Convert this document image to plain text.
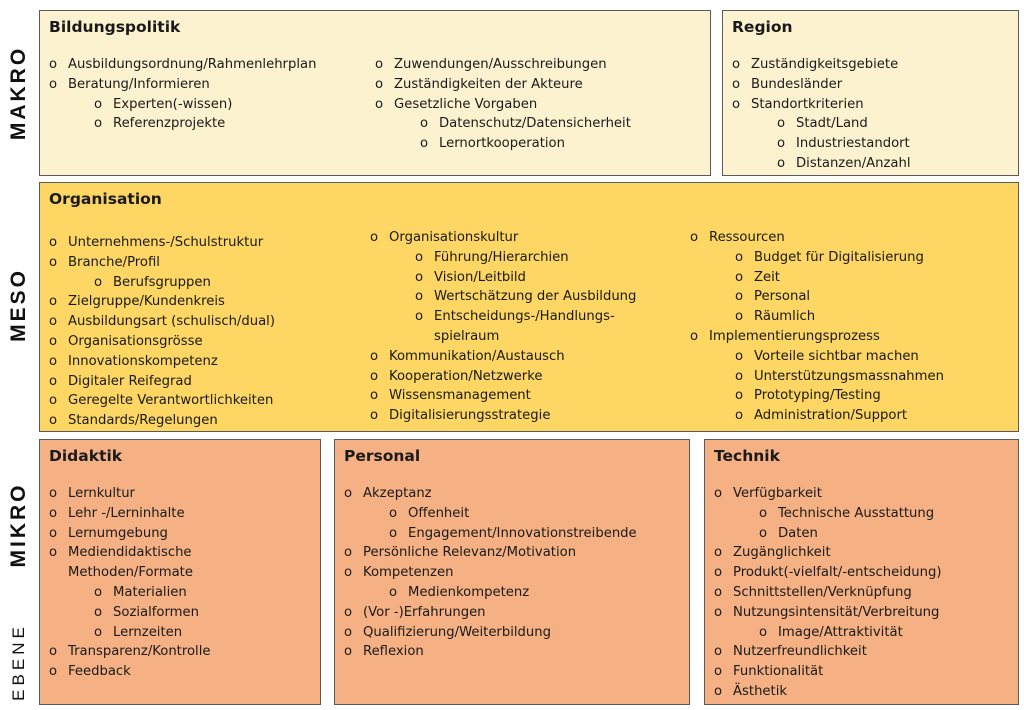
MAKRO
MESO
MIKRO
EBENE
Bildungspolitik
o Ausbildungsordnung/Rahmenlehrplan
o Beratung/Informieren
o Experten(-wissen)
o Referenzprojekte
o Zuwendungen/Ausschreibungen
o Zuständigkeiten der Akteure
o Gesetzliche Vorgaben
o Datenschutz/Datensicherheit
o Lernortkooperation
Region
o Zuständigkeitsgebiete
o Bundesländer
o Standortkriterien
o Stadt/Land
o Industriestandort
o Distanzen/Anzahl
Organisation
o Unternehmens-/Schulstruktur
o Branche/Profil
o Berufsgruppen
o Zielgruppe/Kundenkreis
o Ausbildungsart (schulisch/dual)
o Organisationsgrösse
o Innovationskompetenz
o Digitaler Reifegrad
o Geregelte Verantwortlichkeiten
o Standards/Regelungen
o Organisationskultur
o Führung/Hierarchien
o Vision/Leitbild
o Wertschätzung der Ausbildung
o Entscheidungs-/Handlungs-
spielraum
o Kommunikation/Austausch
o Kooperation/Netzwerke
o Wissensmanagement
o Digitalisierungsstrategie
o Ressourcen
o Budget für Digitalisierung
o Zeit
o Personal
o Räumlich
o Implementierungsprozess
o Vorteile sichtbar machen
o Unterstützungsmassnahmen
o Prototyping/Testing
o Administration/Support
Didaktik
o Lernkultur
o Lehr -/Lerninhalte
o Lernumgebung
o Mediendidaktische
Methoden/Formate
o Materialien
o Sozialformen
o Lernzeiten
o Transparenz/Kontrolle
o Feedback
Personal
o Akzeptanz
o Offenheit
o Engagement/Innovationstreibende
o Persönliche Relevanz/Motivation
o Kompetenzen
o Medienkompetenz
o (Vor -)Erfahrungen
o Qualifizierung/Weiterbildung
o Reflexion
Technik
o Verfügbarkeit
o Technische Ausstattung
o Daten
o Zugänglichkeit
o Produkt(-vielfalt/-entscheidung)
o Schnittstellen/Verknüpfung
o Nutzungsintensität/Verbreitung
o Image/Attraktivität
o Nutzerfreundlichkeit
o Funktionalität
o Ästhetik
